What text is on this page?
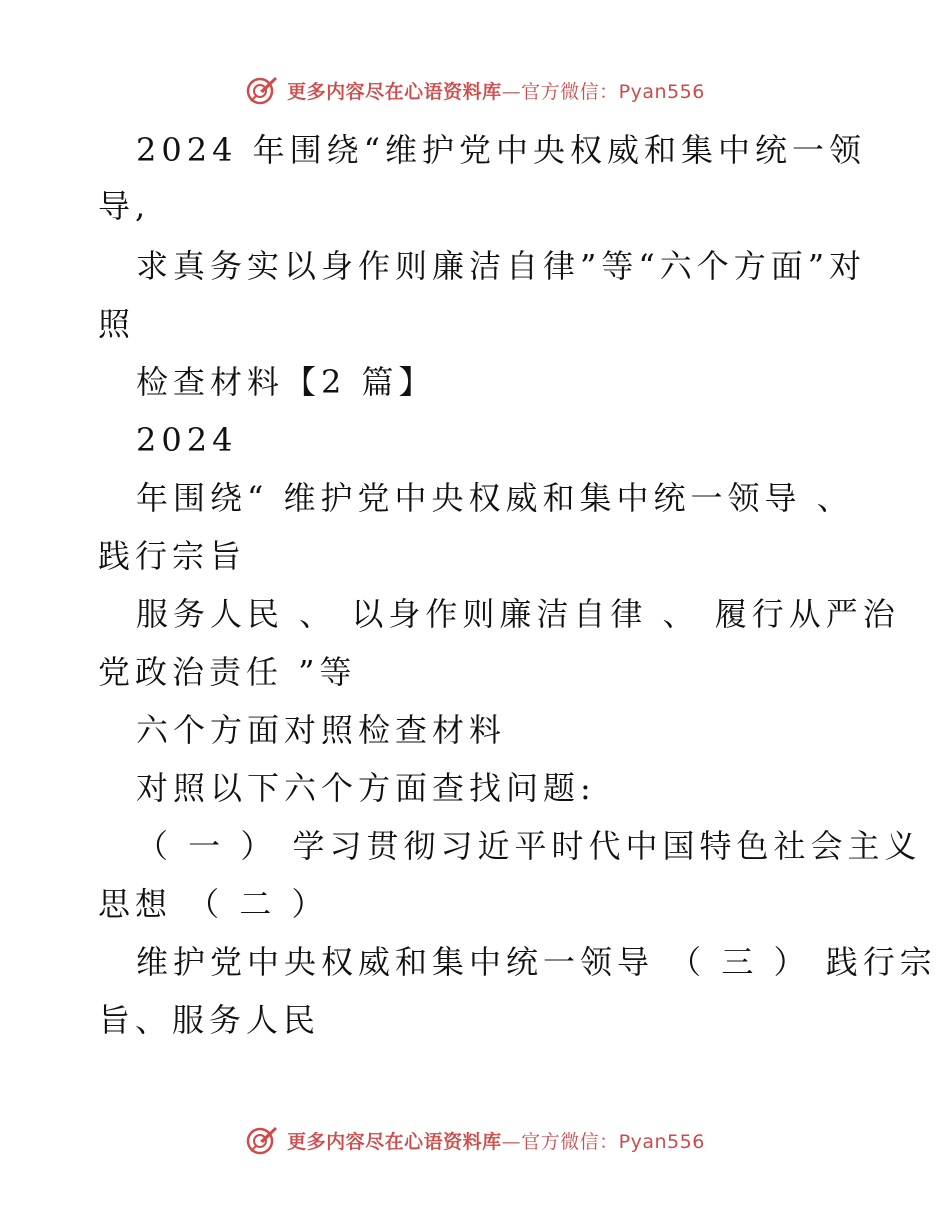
更多内容尽在心语资料库—官方微信：Pyan556
2024 年围绕“维护党中央权威和集中统一领
导,
求真务实以身作则廉洁自律”等“六个方面”对
照
检查材料【2 篇】
2024
年围绕“ 维护党中央权威和集中统一领导 、
践行宗旨
服务人民 、 以身作则廉洁自律 、 履行从严治
党政治责任 ”等
六个方面对照检查材料
对照以下六个方面查找问题:
（ 一 ） 学习贯彻习近平时代中国特色社会主义
思想 （ 二 ）
维护党中央权威和集中统一领导 （ 三 ） 践行宗
旨、服务人民
更多内容尽在心语资料库—官方微信：Pyan556
